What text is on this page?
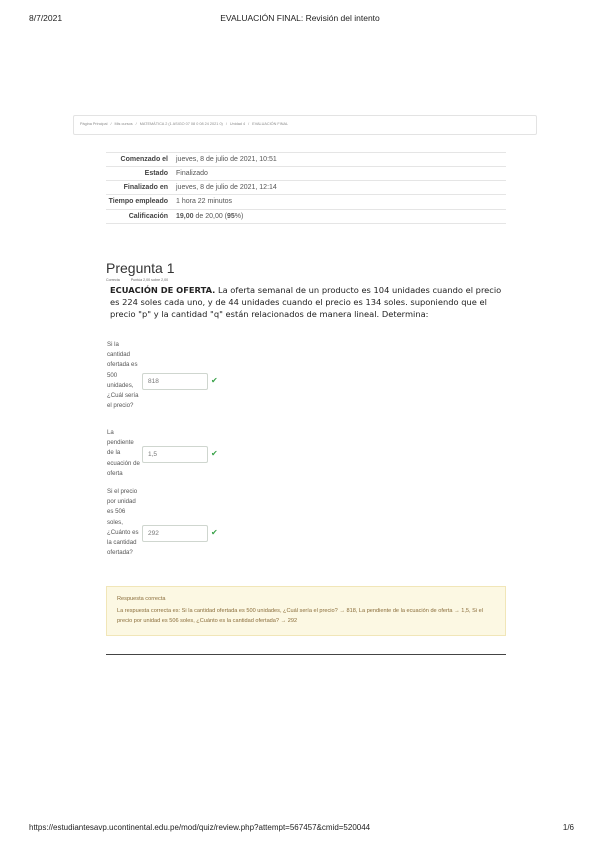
8/7/2021	EVALUACIÓN FINAL: Revisión del intento
Página Principal / Mis cursos / MATEMÁTICA 2 (1 ASIGO 07 08 0 08 24 2021 0) / Unidad 4 / EVALUACIÓN FINAL
Comenzado el	jueves, 8 de julio de 2021, 10:51
Estado	Finalizado
Finalizado en	jueves, 8 de julio de 2021, 12:14
Tiempo empleado	1 hora 22 minutos
Calificación	19,00 de 20,00 (95%)
Pregunta 1
Correcta	Puntúa 2,00 sobre 2,00
ECUACIÓN DE OFERTA. La oferta semanal de un producto es 104 unidades cuando el precio es 224 soles cada uno, y de 44 unidades cuando el precio es 134 soles. suponiendo que el precio "p" y la cantidad "q" están relacionados de manera lineal. Determina:
Si la cantidad ofertada es 500 unidades, ¿Cuál sería el precio?
818	✔
La pendiente de la ecuación de oferta
1,5	✔
Si el precio por unidad es 506 soles, ¿Cuánto es la cantidad ofertada?
292	✔
Respuesta correcta
La respuesta correcta es: Si la cantidad ofertada es 500 unidades, ¿Cuál sería el precio? → 818, La pendiente de la ecuación de oferta → 1,5, Si el precio por unidad es 506 soles, ¿Cuánto es la cantidad ofertada? → 292
https://estudiantesavp.ucontinental.edu.pe/mod/quiz/review.php?attempt=567457&cmid=520044	1/6
